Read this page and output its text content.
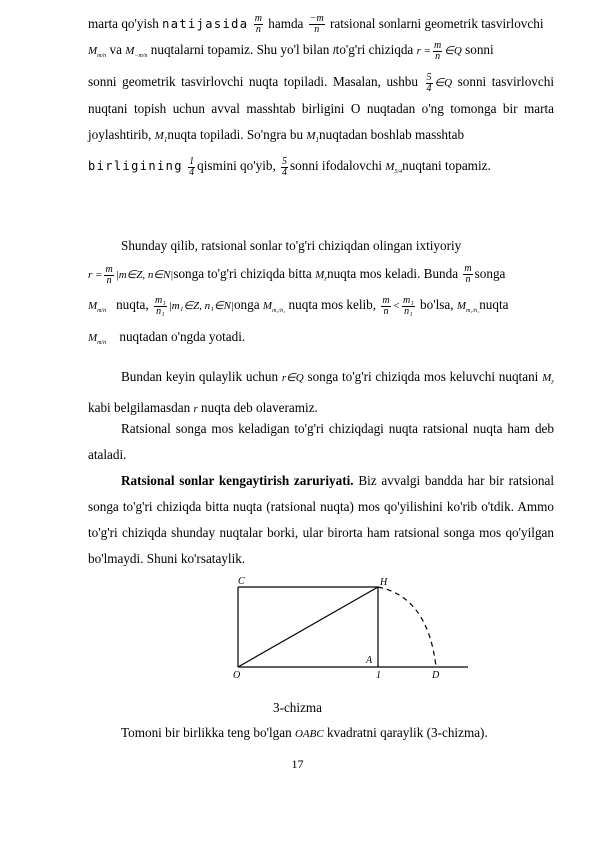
marta qo'yish natijasida $\frac{m}{n}$ hamda $\frac{-m}{n}$ ratsional sonlarni geometrik tasvirlovchi
$M_{m/n}$ va $M_{-m/n}$ nuqtalarni topamiz. Shu yo'l bilan lto'g'ri chiziqda $r = \frac{m}{n}$ ∈Q sonni
sonni geometrik tasvirlovchi nuqta topiladi. Masalan, ushbu $\frac{5}{4}$ ∈Q sonni tasvirlovchi nuqtani topish uchun avval masshtab birligini O nuqtadan o'ng tomonga bir marta joylashtirib, $M_1nuqta$ topiladi. So'ngra bu $M_1nuqtadan$ boshlab masshtab
birligining $\frac{1}{4}$ qismini qo'yib, $\frac{5}{4}$ sonni ifodalovchi $M_{5/4}nuqtani$ topamiz.
Shunday qilib, ratsional sonlar to'g'ri chiziqdan olingan ixtiyoriy
$r = \frac{m}{n}$ |m∈Z, n∈N|songa to'g'ri chiziqda bitta $M_rnuqta$ mos keladi. Bunda $\frac{m}{n}$ songa
$M_{m/n}$ nuqta, $\frac{\text{m₁}}{\text{n₁}}$ |m₁∈Z, n₁∈N|onga $M_{m_1/n_1}$ nuqta mos kelib, $\frac{m}{n} < \frac{\text{m₁}}{\text{n₁}} bo'lsa$, $M_{m_1/n_1}nuqta$
$M_{m/n}$ nuqtadan o'ngda yotadi.
Bundan keyin qulaylik uchun r∈Q songa to'g'ri chiziqda mos keluvchi nuqtani $M_r$ kabi belgilamasdan r nuqta deb olaveramiz.
Ratsional songa mos keladigan to'g'ri chiziqdagi nuqta ratsional nuqta ham deb ataladi.
Ratsional sonlar kengaytirish zaruriyati. Biz avvalgi bandda har bir ratsional songa to'g'ri chiziqda bitta nuqta (ratsional nuqta) mos qo'yilishini ko'rib o'tdik. Ammo to'g'ri chiziqda shunday nuqtalar borki, ular birorta ham ratsional songa mos qo'yilgan bo'lmaydi. Shuni ko'rsataylik.
C	H
A
O	1	D
3-chizma
Tomoni bir birlikka teng bo'lgan OABC kvadratni qaraylik (3-chizma).
17
